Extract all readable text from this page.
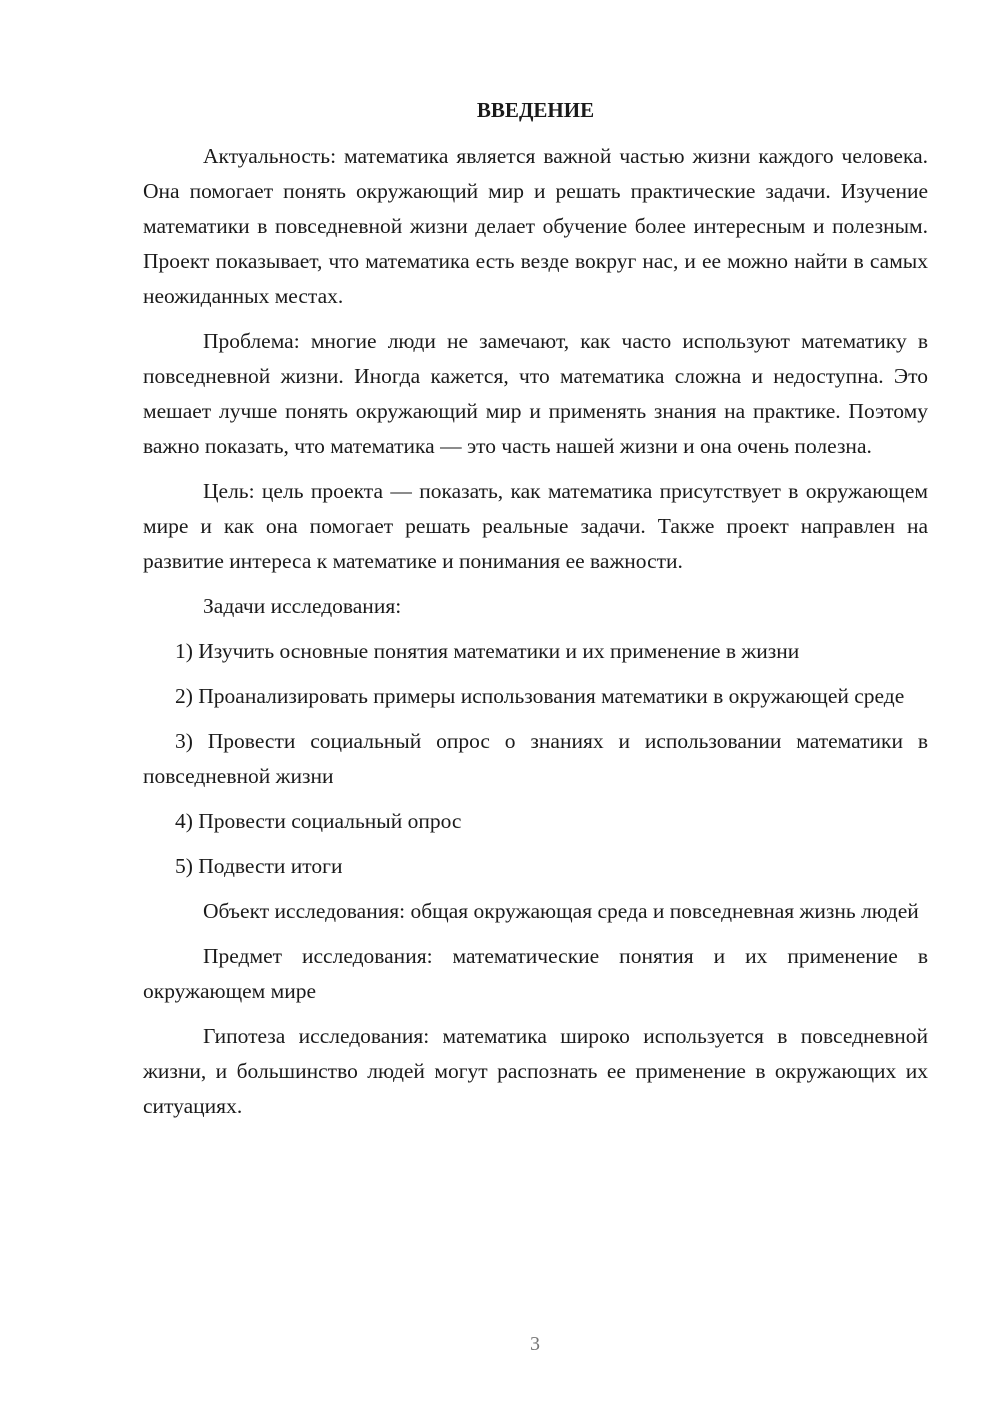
ВВЕДЕНИЕ

Актуальность: математика является важной частью жизни каждого человека. Она помогает понять окружающий мир и решать практические задачи. Изучение математики в повседневной жизни делает обучение более интересным и полезным. Проект показывает, что математика есть везде вокруг нас, и ее можно найти в самых неожиданных местах.

Проблема: многие люди не замечают, как часто используют математику в повседневной жизни. Иногда кажется, что математика сложна и недоступна. Это мешает лучше понять окружающий мир и применять знания на практике. Поэтому важно показать, что математика — это часть нашей жизни и она очень полезна.

Цель: цель проекта — показать, как математика присутствует в окружающем мире и как она помогает решать реальные задачи. Также проект направлен на развитие интереса к математике и понимания ее важности.

Задачи исследования:

1) Изучить основные понятия математики и их применение в жизни

2) Проанализировать примеры использования математики в окружающей среде

3) Провести социальный опрос о знаниях и использовании математики в повседневной жизни

4) Провести социальный опрос

5) Подвести итоги

Объект исследования: общая окружающая среда и повседневная жизнь людей

Предмет исследования: математические понятия и их применение в окружающем мире

Гипотеза исследования: математика широко используется в повседневной жизни, и большинство людей могут распознать ее применение в окружающих их ситуациях.

3
